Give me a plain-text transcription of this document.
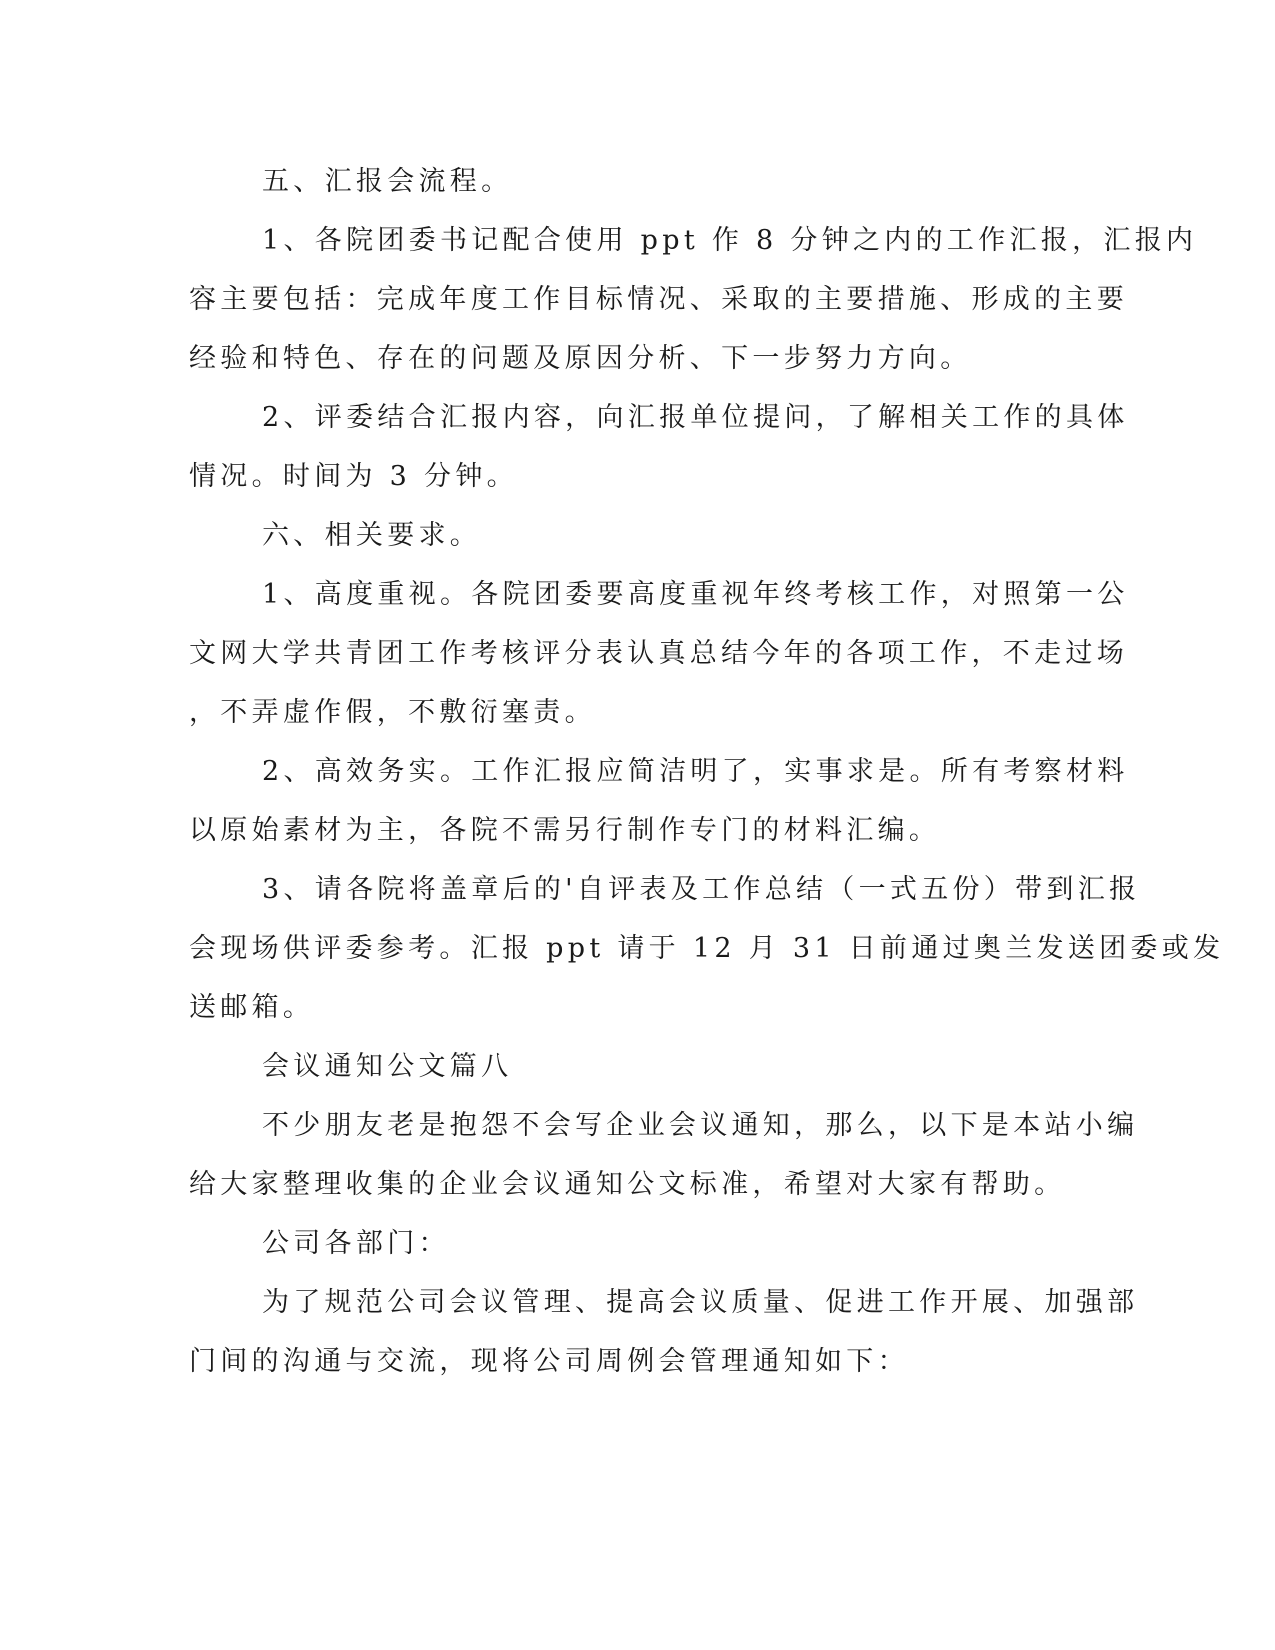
五、汇报会流程。
1、各院团委书记配合使用 ppt 作 8 分钟之内的工作汇报，汇报内
容主要包括：完成年度工作目标情况、采取的主要措施、形成的主要
经验和特色、存在的问题及原因分析、下一步努力方向。
2、评委结合汇报内容，向汇报单位提问，了解相关工作的具体
情况。时间为 3 分钟。
六、相关要求。
1、高度重视。各院团委要高度重视年终考核工作，对照第一公
文网大学共青团工作考核评分表认真总结今年的各项工作，不走过场
，不弄虚作假，不敷衍塞责。
2、高效务实。工作汇报应简洁明了，实事求是。所有考察材料
以原始素材为主，各院不需另行制作专门的材料汇编。
3、请各院将盖章后的'自评表及工作总结（一式五份）带到汇报
会现场供评委参考。汇报 ppt 请于 12 月 31 日前通过奥兰发送团委或发
送邮箱。
会议通知公文篇八
不少朋友老是抱怨不会写企业会议通知，那么，以下是本站小编
给大家整理收集的企业会议通知公文标准，希望对大家有帮助。
公司各部门：
为了规范公司会议管理、提高会议质量、促进工作开展、加强部
门间的沟通与交流，现将公司周例会管理通知如下：
